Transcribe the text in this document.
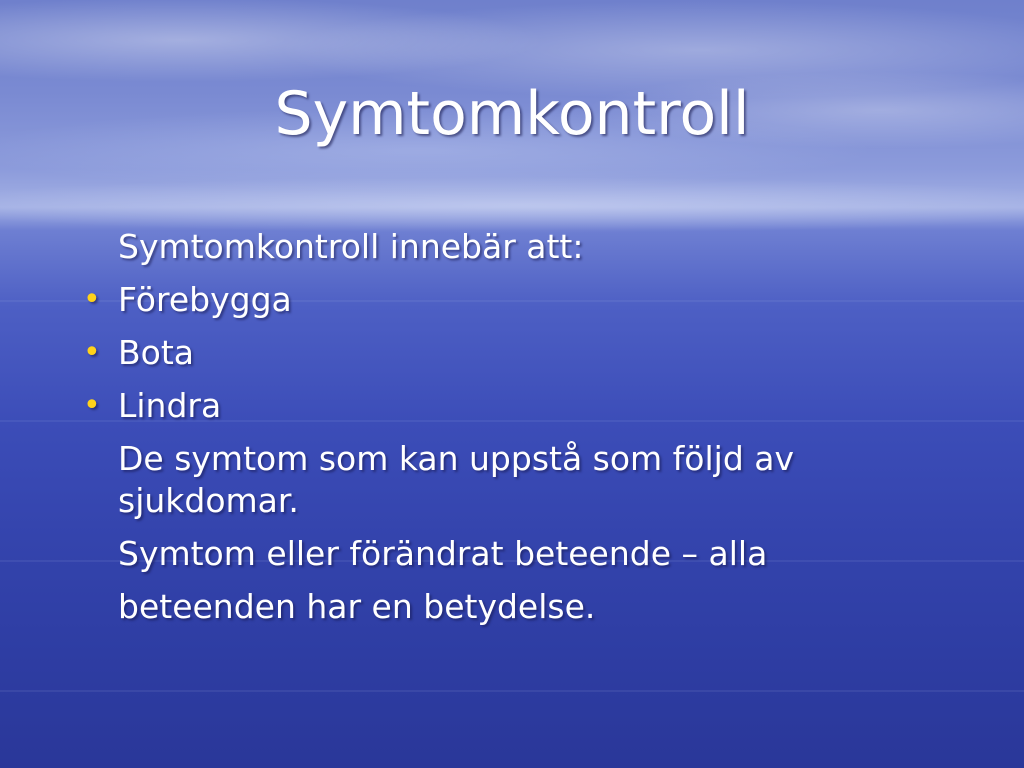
Symtomkontroll
Symtomkontroll innebär att:
• Förebygga
• Bota
• Lindra
De symtom som kan uppstå som följd av sjukdomar.
Symtom eller förändrat beteende – alla
beteenden har en betydelse.
